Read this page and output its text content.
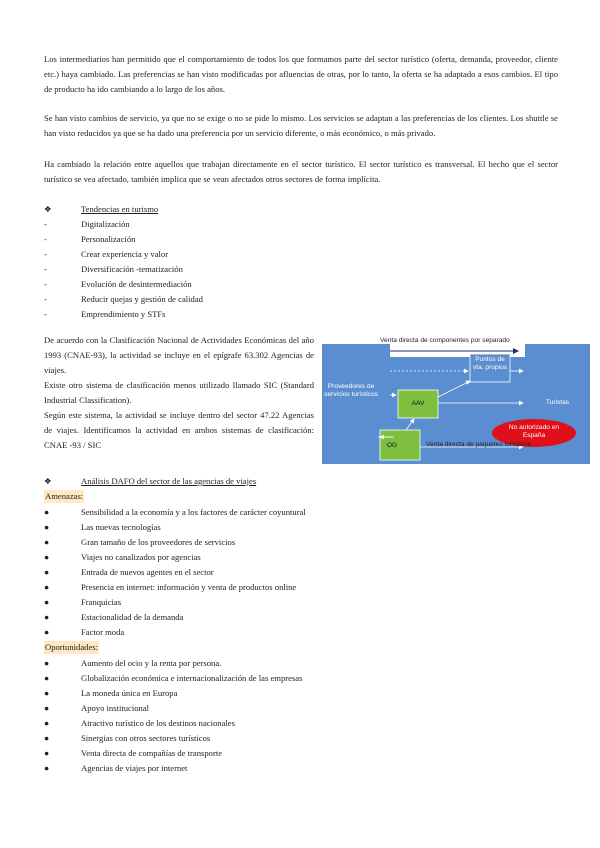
Los intermediarios han permitido que el comportamiento de todos los que formamos parte del sector turístico (oferta, demanda, proveedor, cliente etc.) haya cambiado. Las preferencias se han visto modificadas por afluencias de otras, por lo tanto, la oferta se ha adaptado a esos cambios. El tipo de producto ha ido cambiando a lo largo de los años.

Se han visto cambios de servicio, ya que no se exige o no se pide lo mismo. Los servicios se adaptan a las preferencias de los clientes. Los shuttle se han visto reducidos ya que se ha dado una preferencia por un servicio diferente, o más económico, o más privado.

Ha cambiado la relación entre aquellos que trabajan directamente en el sector turístico. El sector turístico es transversal. El hecho que el sector turístico se vea afectado, también implica que se vean afectados otros sectores de forma implícita.

❖	Tendencias en turismo
-	Digitalización
-	Personalización
-	Crear experiencia y valor
-	Diversificación -tematización
-	Evolución de desintermediación
-	Reducir quejas y gestión de calidad
-	Emprendimiento y STFs
De acuerdo con la Clasificación Nacional de Actividades Económicas del año 1993 (CNAE-93), la actividad se incluye en el epígrafe 63.302 Agencias de viajes.
Existe otro sistema de clasificación menos utilizado llamado SIC (Standard Industrial Classification).
Según este sistema, la actividad se incluye dentro del sector 47.22 Agencias de viajes. Identificamos la actividad en ambos sistemas de clasificación: CNAE -93 / SIC
Venta directa de componentes por separado
Proveedores de servicios turísticos
Puntos de vta. propios
AAV
OG
Turistas
No autorizado en España
Venta directa de paquetes turísticos
❖	Análisis DAFO del sector de las agencias de viajes
Amenazas:
●	Sensibilidad a la economía y a los factores de carácter coyuntural
●	Las nuevas tecnologías
●	Gran tamaño de los proveedores de servicios
●	Viajes no canalizados por agencias
●	Entrada de nuevos agentes en el sector
●	Presencia en internet: información y venta de productos online
●	Franquicias
●	Estacionalidad de la demanda
●	Factor moda
Oportunidades:
●	Aumento del ocio y la renta por persona.
●	Globalización económica e internacionalización de las empresas
●	La moneda única en Europa
●	Apoyo institucional
●	Atractivo turístico de los destinos nacionales
●	Sinergias con otros sectores turísticos
●	Venta directa de compañías de transporte
●	Agencias de viajes por internet
